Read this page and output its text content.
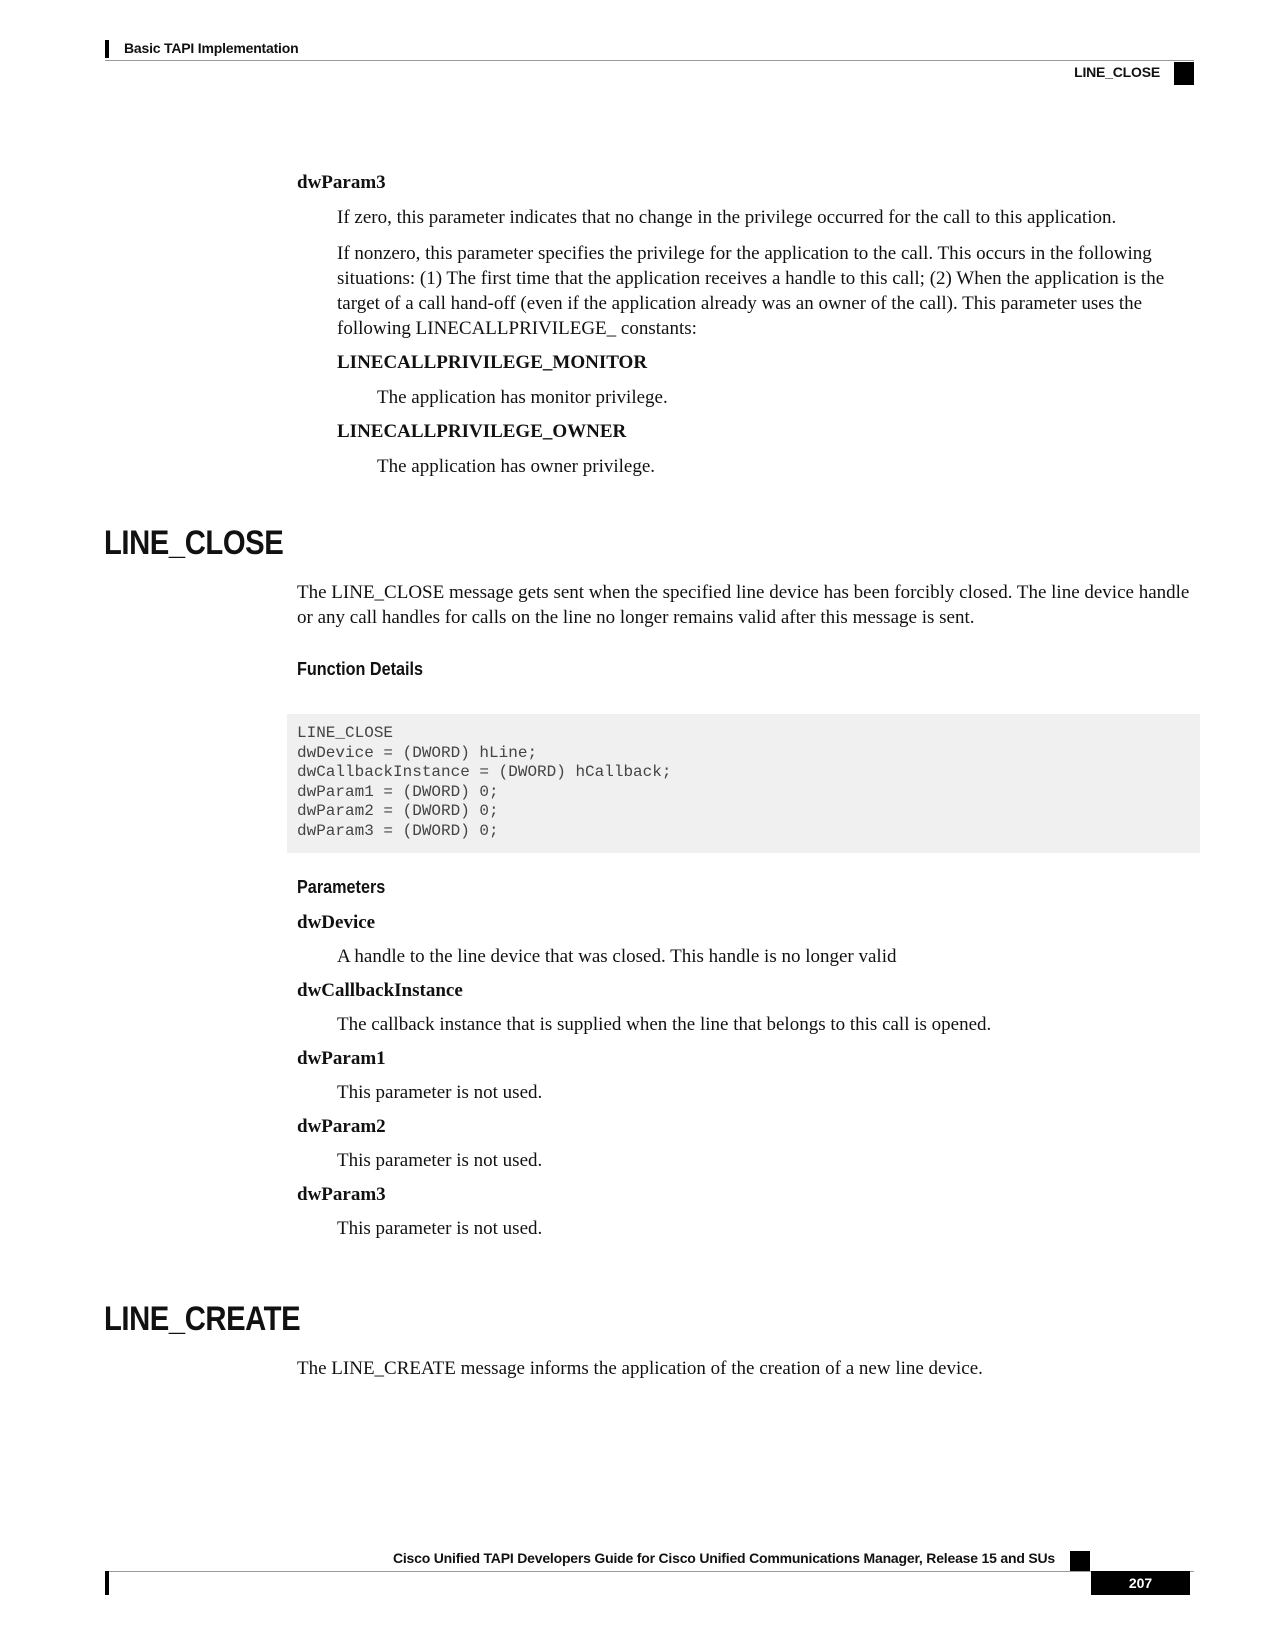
Basic TAPI Implementation
LINE_CLOSE

dwParam3

If zero, this parameter indicates that no change in the privilege occurred for the call to this application.

If nonzero, this parameter specifies the privilege for the application to the call. This occurs in the following situations: (1) The first time that the application receives a handle to this call; (2) When the application is the target of a call hand-off (even if the application already was an owner of the call). This parameter uses the following LINECALLPRIVILEGE_ constants:

LINECALLPRIVILEGE_MONITOR

The application has monitor privilege.

LINECALLPRIVILEGE_OWNER

The application has owner privilege.

LINE_CLOSE

The LINE_CLOSE message gets sent when the specified line device has been forcibly closed. The line device handle or any call handles for calls on the line no longer remains valid after this message is sent.

Function Details

LINE_CLOSE
dwDevice = (DWORD) hLine;
dwCallbackInstance = (DWORD) hCallback;
dwParam1 = (DWORD) 0;
dwParam2 = (DWORD) 0;
dwParam3 = (DWORD) 0;

Parameters

dwDevice

A handle to the line device that was closed. This handle is no longer valid

dwCallbackInstance

The callback instance that is supplied when the line that belongs to this call is opened.

dwParam1

This parameter is not used.

dwParam2

This parameter is not used.

dwParam3

This parameter is not used.

LINE_CREATE

The LINE_CREATE message informs the application of the creation of a new line device.

Cisco Unified TAPI Developers Guide for Cisco Unified Communications Manager, Release 15 and SUs
207
